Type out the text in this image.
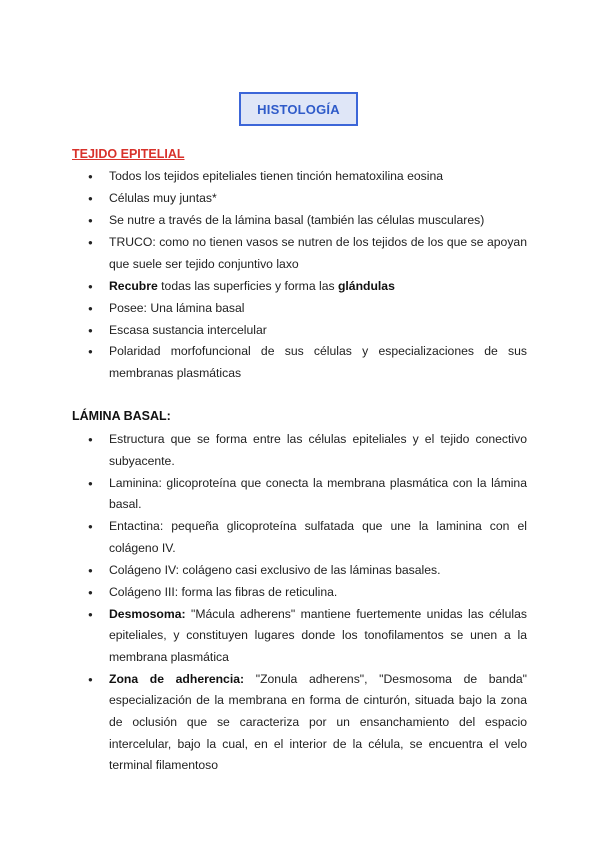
HISTOLOGÍA
TEJIDO EPITELIAL
● Todos los tejidos epiteliales tienen tinción hematoxilina eosina
● Células muy juntas*
● Se nutre a través de la lámina basal (también las células musculares)
● TRUCO: como no tienen vasos se nutren de los tejidos de los que se apoyan que suele ser tejido conjuntivo laxo
● Recubre todas las superficies y forma las glándulas
● Posee: Una lámina basal
● Escasa sustancia intercelular
● Polaridad morfofuncional de sus células y especializaciones de sus membranas plasmáticas
LÁMINA BASAL:
● Estructura que se forma entre las células epiteliales y el tejido conectivo subyacente.
● Laminina: glicoproteína que conecta la membrana plasmática con la lámina basal.
● Entactina: pequeña glicoproteína sulfatada que une la laminina con el colágeno IV.
● Colágeno IV: colágeno casi exclusivo de las láminas basales.
● Colágeno III: forma las fibras de reticulina.
● Desmosoma: "Mácula adherens" mantiene fuertemente unidas las células epiteliales, y constituyen lugares donde los tonofilamentos se unen a la membrana plasmática
● Zona de adherencia: "Zonula adherens", "Desmosoma de banda" especialización de la membrana en forma de cinturón, situada bajo la zona de oclusión que se caracteriza por un ensanchamiento del espacio intercelular, bajo la cual, en el interior de la célula, se encuentra el velo terminal filamentoso
